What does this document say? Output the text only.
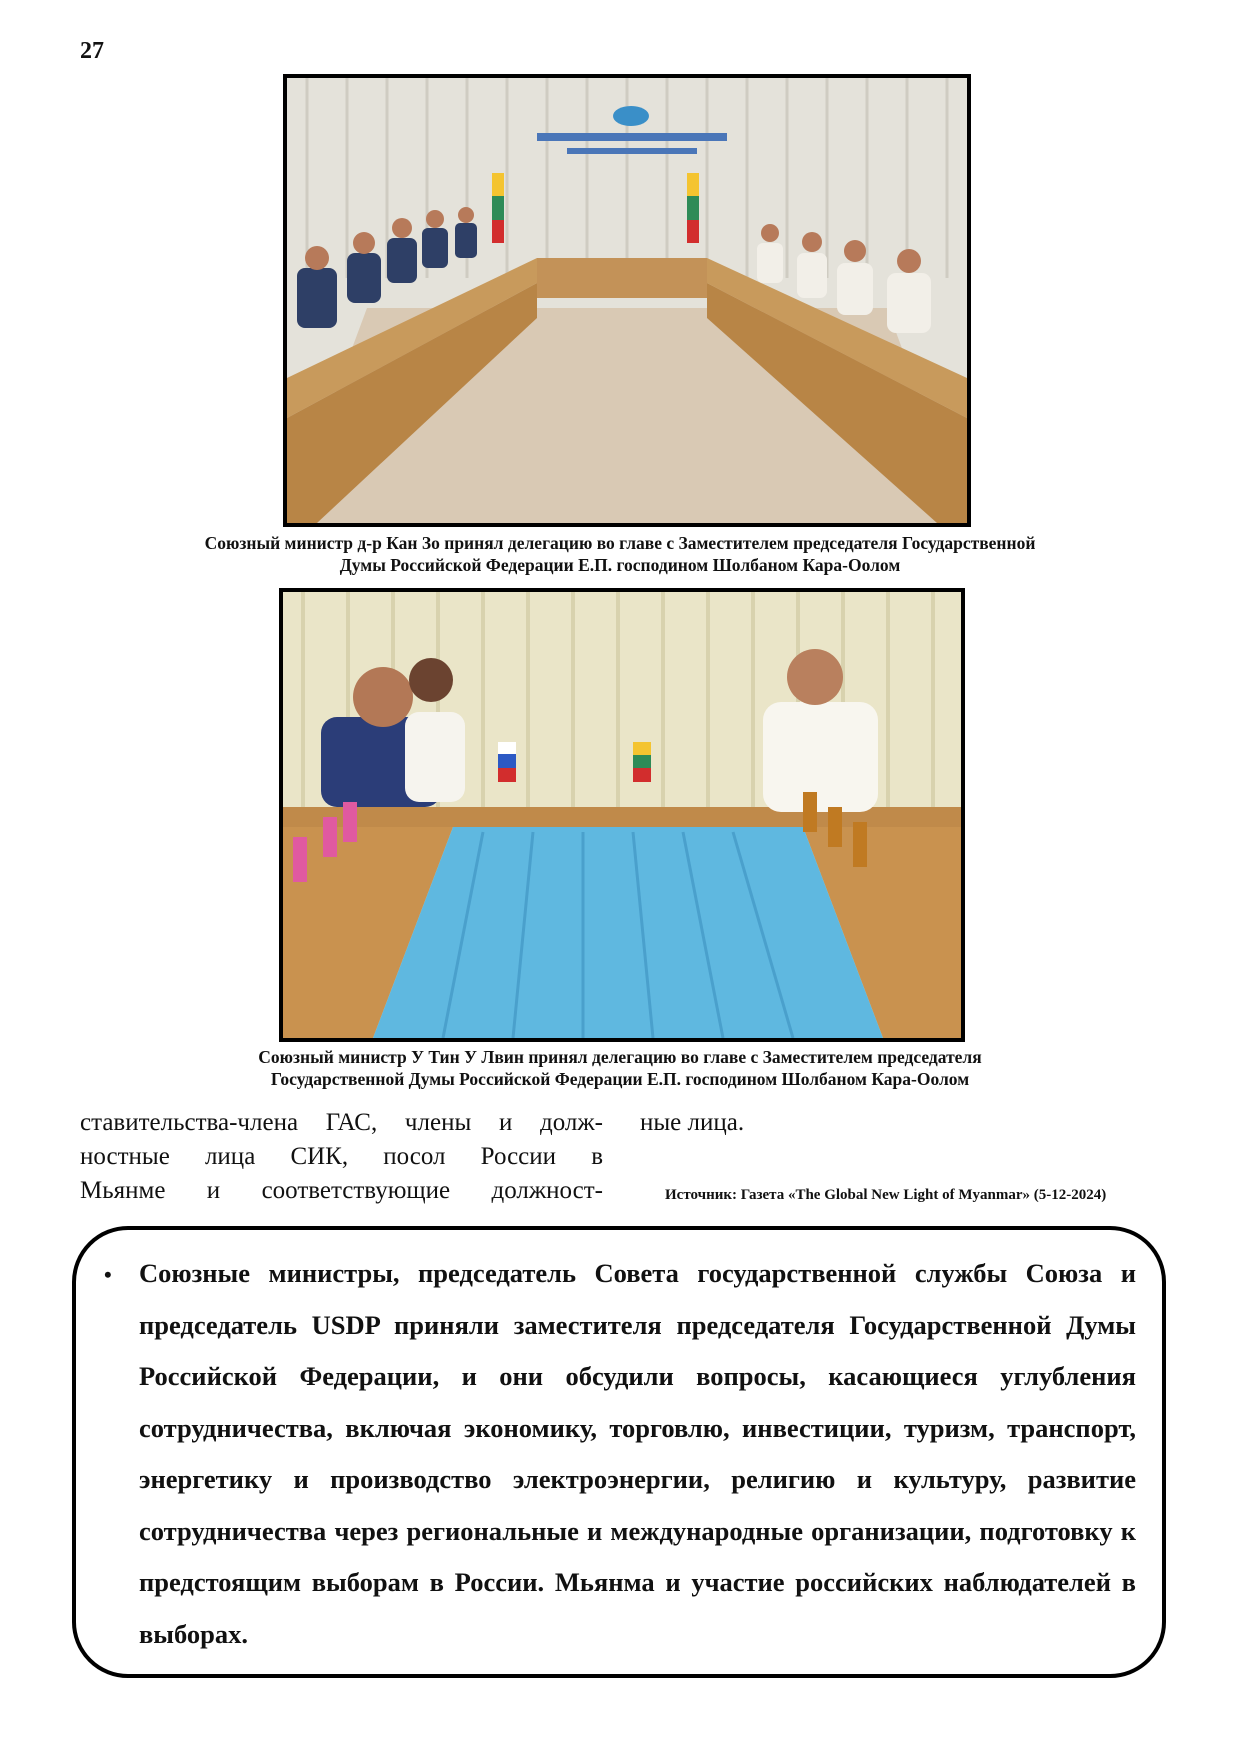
27
Союзный министр д-р Кан Зо принял делегацию во главе с Заместителем председателя Государственной
Думы Российской Федерации Е.П. господином Шолбаном Кара-Оолом
Союзный министр У Тин У Лвин принял делегацию во главе с Заместителем председателя
Государственной Думы Российской Федерации Е.П. господином Шолбаном Кара-Оолом
ставительства-члена ГАС, члены и долж-
ностные лица СИК, посол России в
Мьянме и соответствующие должност-
ные лица.
Источник: Газета «The Global New Light of Myanmar» (5-12-2024)
• Союзные министры, председатель Совета государственной службы Союза и председатель USDP приняли заместителя председателя Государственной Думы Российской Федерации, и они обсудили вопросы, касающиеся углубления сотрудничества, включая экономику, торговлю, инвестиции, туризм, транспорт, энергетику и производство электроэнергии, религию и культуру, развитие сотрудничества через региональные и международные организации, подготовку к предстоящим выборам в России. Мьянма и участие российских наблюдателей в выборах.
